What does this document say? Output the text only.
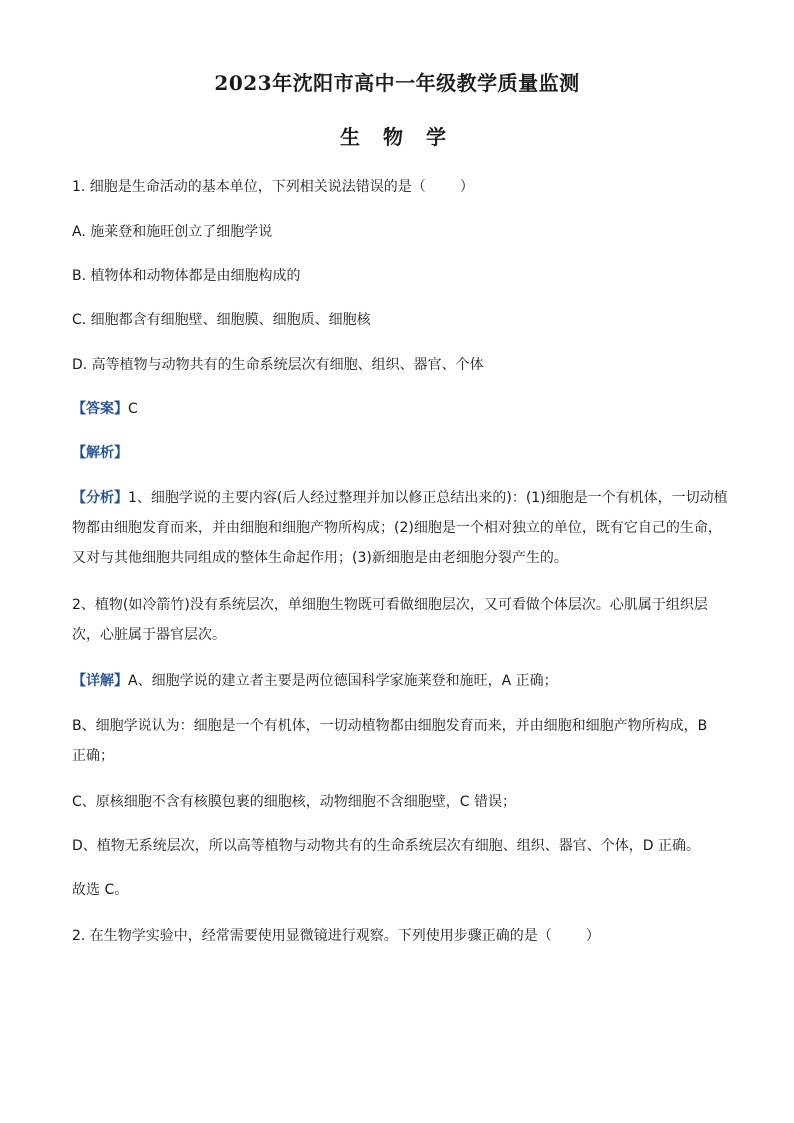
2023年沈阳市高中一年级教学质量监测
生 物 学
1. 细胞是生命活动的基本单位，下列相关说法错误的是（ ）
A. 施莱登和施旺创立了细胞学说
B. 植物体和动物体都是由细胞构成的
C. 细胞都含有细胞壁、细胞膜、细胞质、细胞核
D. 高等植物与动物共有的生命系统层次有细胞、组织、器官、个体
【答案】C
【解析】
【分析】1、细胞学说的主要内容(后人经过整理并加以修正总结出来的)：(1)细胞是一个有机体，一切动植
物都由细胞发育而来，并由细胞和细胞产物所构成；(2)细胞是一个相对独立的单位，既有它自己的生命，
又对与其他细胞共同组成的整体生命起作用；(3)新细胞是由老细胞分裂产生的。
2、植物(如冷箭竹)没有系统层次，单细胞生物既可看做细胞层次，又可看做个体层次。心肌属于组织层
次，心脏属于器官层次。
【详解】A、细胞学说的建立者主要是两位德国科学家施莱登和施旺，A 正确；
B、细胞学说认为：细胞是一个有机体，一切动植物都由细胞发育而来，并由细胞和细胞产物所构成，B
正确；
C、原核细胞不含有核膜包裹的细胞核，动物细胞不含细胞壁，C 错误；
D、植物无系统层次，所以高等植物与动物共有的生命系统层次有细胞、组织、器官、个体，D 正确。
故选 C。
2. 在生物学实验中，经常需要使用显微镜进行观察。下列使用步骤正确的是（ ）
